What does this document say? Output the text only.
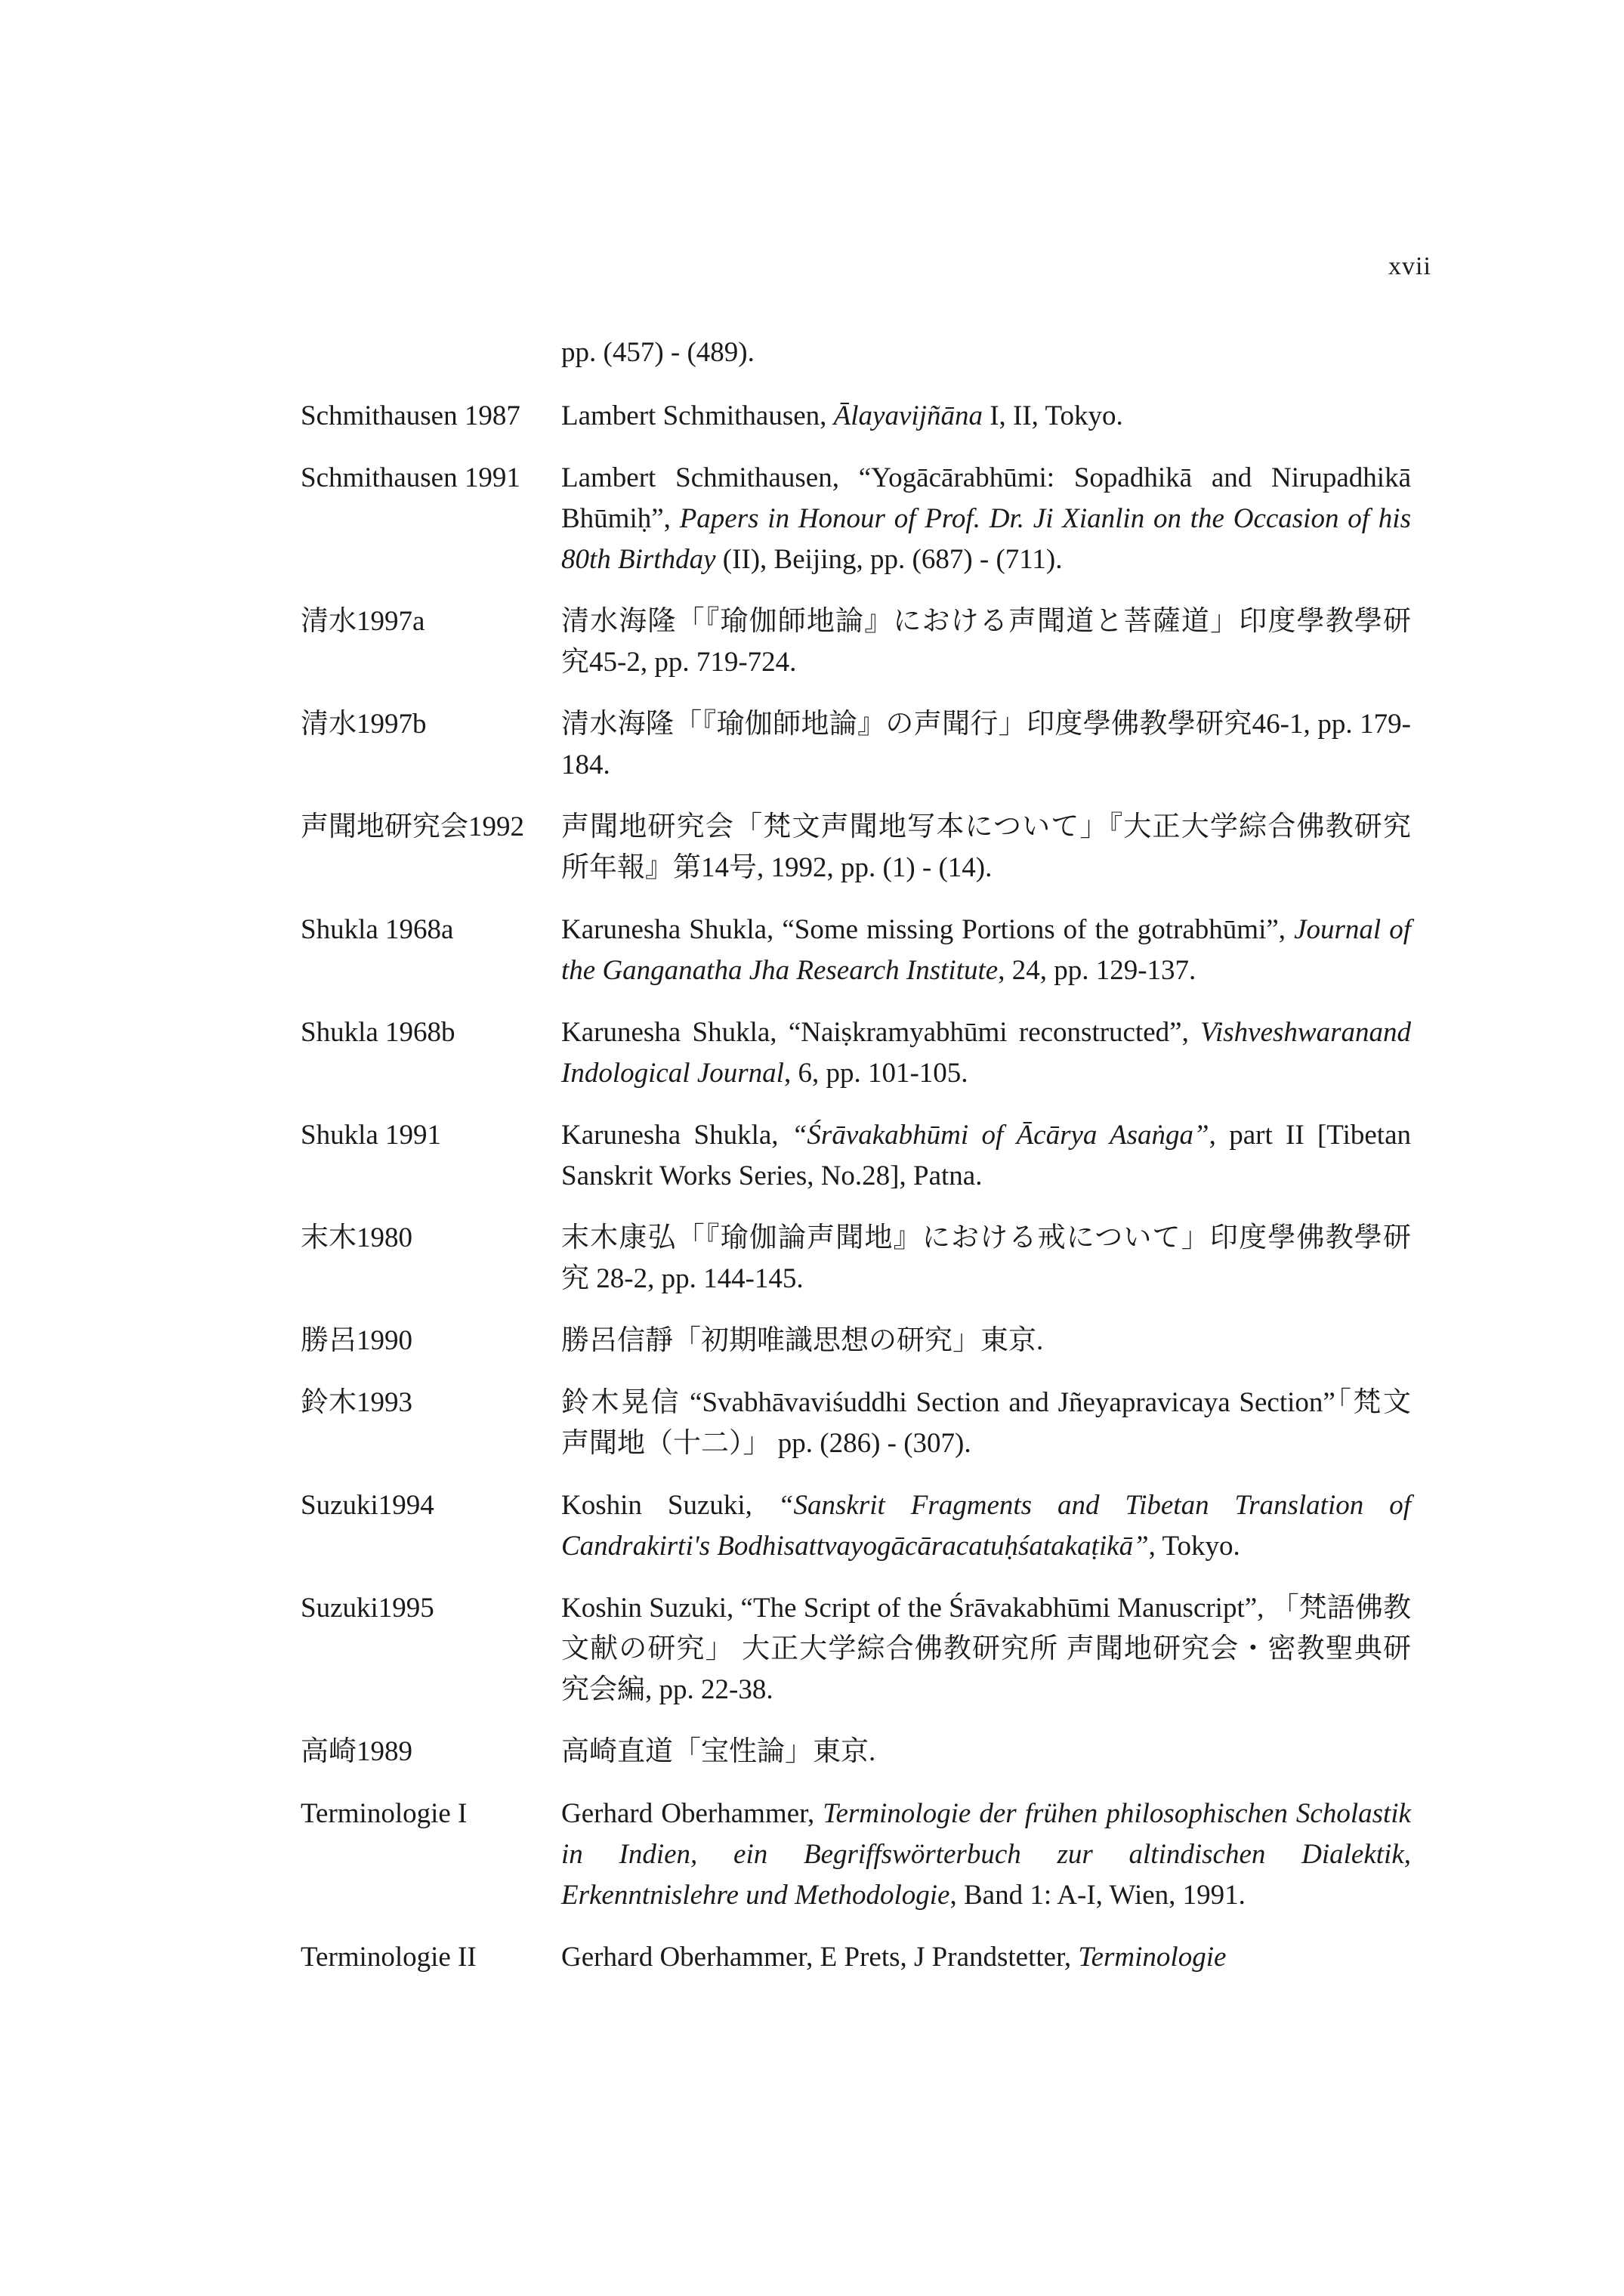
xvii
pp. (457) - (489).
Schmithausen 1987	Lambert Schmithausen, Ālayavijñāna I, II, Tokyo.
Schmithausen 1991	Lambert Schmithausen, “Yogācārabhūmi: Sopadhikā and Nirupadhikā Bhūmiḥ”, Papers in Honour of Prof. Dr. Ji Xianlin on the Occasion of his 80th Birthday (II), Beijing, pp. (687) - (711).
清水1997a	清水海隆「『瑜伽師地論』における声聞道と菩薩道」印度學教學研究45-2, pp. 719-724.
清水1997b	清水海隆「『瑜伽師地論』の声聞行」印度學佛教學研究46-1, pp. 179-184.
声聞地研究会1992	声聞地研究会「梵文声聞地写本について」『大正大学綜合佛教研究所年報』第14号, 1992, pp. (1) - (14).
Shukla 1968a	Karunesha Shukla, “Some missing Portions of the gotrabhūmi”, Journal of the Ganganatha Jha Research Institute, 24, pp. 129-137.
Shukla 1968b	Karunesha Shukla, “Naiṣkramyabhūmi reconstructed”, Vishveshwaranand Indological Journal, 6, pp. 101-105.
Shukla 1991	Karunesha Shukla, “Śrāvakabhūmi of Ācārya Asaṅga”, part II [Tibetan Sanskrit Works Series, No.28], Patna.
末木1980	末木康弘「『瑜伽論声聞地』における戒について」印度學佛教學研究 28-2, pp. 144-145.
勝呂1990	勝呂信靜「初期唯識思想の研究」東京.
鈴木1993	鈴木晃信 “Svabhāvaviśuddhi Section and Jñeyapravicaya Section”「梵文声聞地（十二）」 pp. (286) - (307).
Suzuki1994	Koshin Suzuki, “Sanskrit Fragments and Tibetan Translation of Candrakirti's Bodhisattvayogācāracatuḥśatakaṭikā”, Tokyo.
Suzuki1995	Koshin Suzuki, “The Script of the Śrāvakabhūmi Manuscript”, 「梵語佛教文献の研究」 大正大学綜合佛教研究所 声聞地研究会・密教聖典研究会編, pp. 22-38.
高崎1989	高崎直道「宝性論」東京.
Terminologie I	Gerhard Oberhammer, Terminologie der frühen philosophischen Scholastik in Indien, ein Begriffswörterbuch zur altindischen Dialektik, Erkenntnislehre und Methodologie, Band 1: A-I, Wien, 1991.
Terminologie II	Gerhard Oberhammer, E Prets, J Prandstetter, Terminologie
